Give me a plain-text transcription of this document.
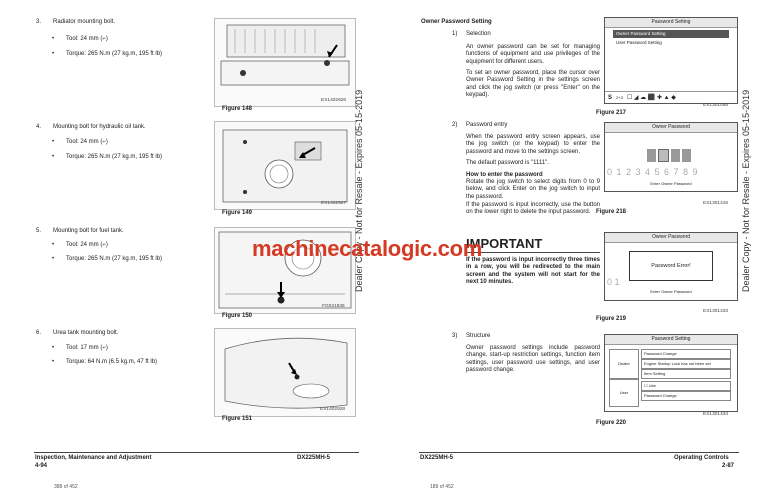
3. Radiator mounting bolt.
• Tool: 24 mm (⌐)
• Torque: 265 N.m (27 kg.m, 195 ft lb)
EX1402926
Figure 148
4. Mounting bolt for hydraulic oil tank.
• Tool: 24 mm (⌐)
• Torque: 265 N.m (27 kg.m, 195 ft lb)
EX1402927
Figure 149
5. Mounting bolt for fuel tank.
• Tool: 24 mm (⌐)
• Torque: 265 N.m (27 kg.m, 195 ft lb)
FG021836
Figure 150
6. Urea tank mounting bolt.
• Tool: 17 mm (⌐)
• Torque: 64 N.m (6.5 kg.m, 47 ft lb)
EX1402928
Figure 151
Inspection, Maintenance and Adjustment
4-94
DX225MH-5
388 of 452
Dealer Copy - Not for Resale - Expires 05-15-2019
Owner Password Setting
1) Selection
An owner password can be set for managing functions of equipment and use privileges of the equipment for different users.
To set an owner password, place the cursor over Owner Password Setting in the settings screen and click the jog switch (or press "Enter" on the keypad).
Password Setting
Owner Password Setting
User Password Setting
S 2+3 ☐ ◢ ☁ ⬛ ✚ ▲ ◆
EX1301055
Figure 217
2) Password entry
When the password entry screen appears, use the jog switch (or the keypad) to enter the password and move to the settings screen.
The default password is "1111".
How to enter the password
Rotate the jog switch to select digits from 0 to 9 below, and click Enter on the jog switch to input the password.
If the password is input incorrectly, use the button on the lower right to delete the input password.
Owner Password
0 1 2 3 4 5 6 7 8 9
Enter Owner Password
EX1301416
Figure 218
IMPORTANT
If the password is input incorrectly three times in a row, you will be redirected to the main screen and the system will not start for the next 10 minutes.
Owner Password
Password Error!
0 1
Enter Owner Password
EX1301433
Figure 219
3) Structure
Owner password settings include password change, start-up restriction settings, function item settings, user password use settings, and user password change.
Password Setting
Dealer
User
Password Change
Engine Startup Lock has not been set
Item Setting
☐ Use
Password Change
EX1301434
Figure 220
DX225MH-5	Operating Controls
2-87
189 of 452
Dealer Copy - Not for Resale - Expires 05-15-2019
machinecatalogic.com
